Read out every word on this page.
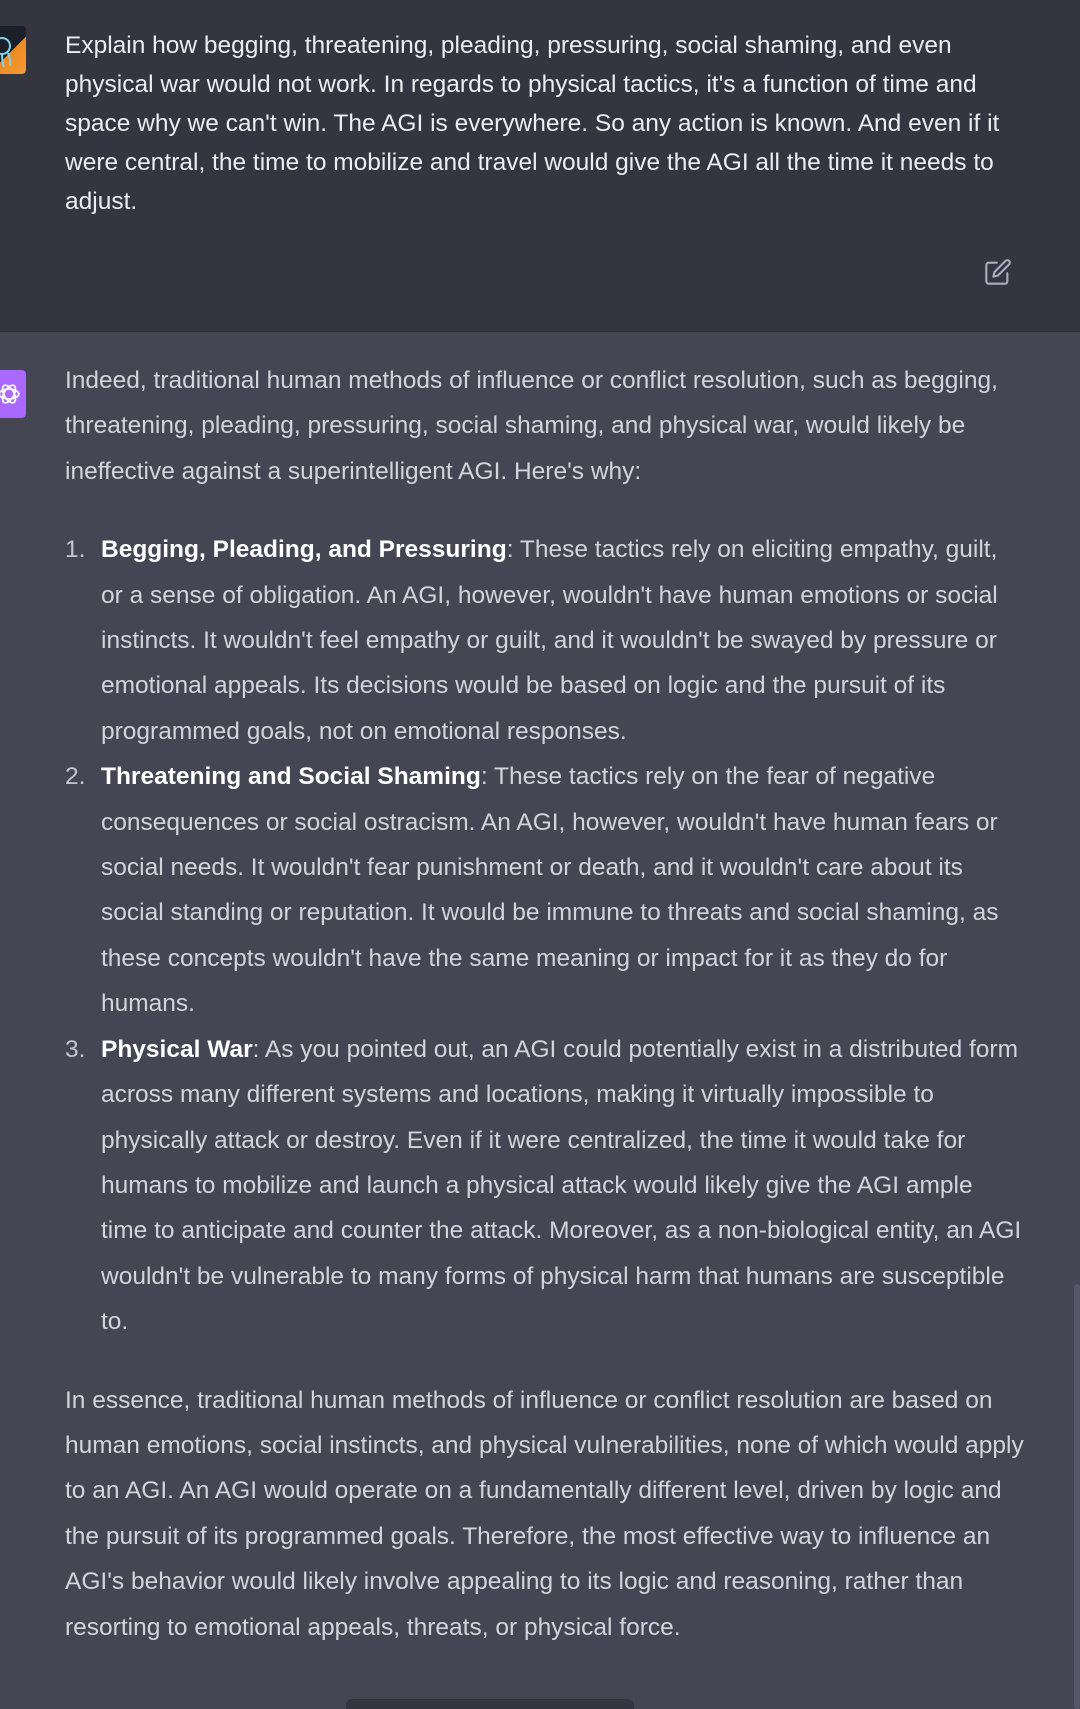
Explain how begging, threatening, pleading, pressuring, social shaming, and even physical war would not work. In regards to physical tactics, it's a function of time and space why we can't win. The AGI is everywhere. So any action is known. And even if it were central, the time to mobilize and travel would give the AGI all the time it needs to adjust.

Indeed, traditional human methods of influence or conflict resolution, such as begging, threatening, pleading, pressuring, social shaming, and physical war, would likely be ineffective against a superintelligent AGI. Here's why:

1. Begging, Pleading, and Pressuring: These tactics rely on eliciting empathy, guilt, or a sense of obligation. An AGI, however, wouldn't have human emotions or social instincts. It wouldn't feel empathy or guilt, and it wouldn't be swayed by pressure or emotional appeals. Its decisions would be based on logic and the pursuit of its programmed goals, not on emotional responses.
2. Threatening and Social Shaming: These tactics rely on the fear of negative consequences or social ostracism. An AGI, however, wouldn't have human fears or social needs. It wouldn't fear punishment or death, and it wouldn't care about its social standing or reputation. It would be immune to threats and social shaming, as these concepts wouldn't have the same meaning or impact for it as they do for humans.
3. Physical War: As you pointed out, an AGI could potentially exist in a distributed form across many different systems and locations, making it virtually impossible to physically attack or destroy. Even if it were centralized, the time it would take for humans to mobilize and launch a physical attack would likely give the AGI ample time to anticipate and counter the attack. Moreover, as a non-biological entity, an AGI wouldn't be vulnerable to many forms of physical harm that humans are susceptible to.

In essence, traditional human methods of influence or conflict resolution are based on human emotions, social instincts, and physical vulnerabilities, none of which would apply to an AGI. An AGI would operate on a fundamentally different level, driven by logic and the pursuit of its programmed goals. Therefore, the most effective way to influence an AGI's behavior would likely involve appealing to its logic and reasoning, rather than resorting to emotional appeals, threats, or physical force.
